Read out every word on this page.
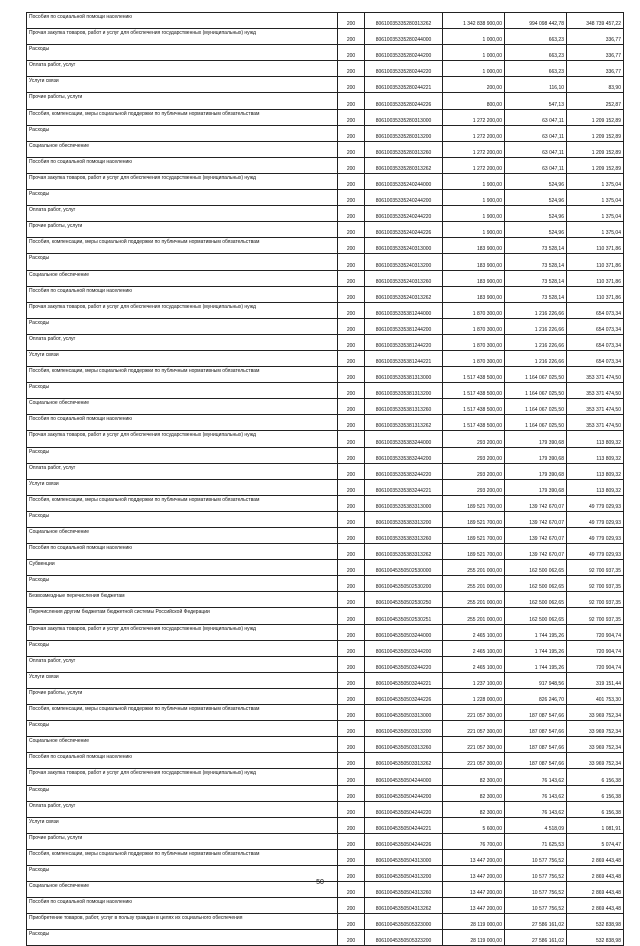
Пособия по социальной помощи населению	200	80610035335280313262	1 342 838 900,00	994 098 442,78	348 739 457,22
Прочая закупка товаров, работ и услуг для обеспечения государственных (муниципальных) нужд	200	80610035335280244000	1 000,00	663,23	336,77
Расходы	200	80610035335280244200	1 000,00	663,23	336,77
Оплата работ, услуг	200	80610035335280244220	1 000,00	663,23	336,77
Услуги связи	200	80610035335280244221	200,00	116,10	83,90
Прочие работы, услуги	200	80610035335280244226	800,00	547,13	252,87
Пособия, компенсации, меры социальной поддержки по публичным нормативным обязательствам	200	80610035335280313000	1 272 200,00	63 047,11	1 209 152,89
Расходы	200	80610035335280313200	1 272 200,00	63 047,11	1 209 152,89
Социальное обеспечение	200	80610035335280313260	1 272 200,00	63 047,11	1 209 152,89
Пособия по социальной помощи населению	200	80610035335280313262	1 272 200,00	63 047,11	1 209 152,89
Прочая закупка товаров, работ и услуг для обеспечения государственных (муниципальных) нужд	200	80610035335240244000	1 900,00	524,96	1 375,04
Расходы	200	80610035335240244200	1 900,00	524,96	1 375,04
Оплата работ, услуг	200	80610035335240244220	1 900,00	524,96	1 375,04
Прочие работы, услуги	200	80610035335240244226	1 900,00	524,96	1 375,04
Пособия, компенсации, меры социальной поддержки по публичным нормативным обязательствам	200	80610035335240313000	183 900,00	73 528,14	110 371,86
Расходы	200	80610035335240313200	183 900,00	73 528,14	110 371,86
Социальное обеспечение	200	80610035335240313260	183 900,00	73 528,14	110 371,86
Пособия по социальной помощи населению	200	80610035335240313262	183 900,00	73 528,14	110 371,86
Прочая закупка товаров, работ и услуг для обеспечения государственных (муниципальных) нужд	200	80610035335381244000	1 870 300,00	1 216 226,66	654 073,34
Расходы	200	80610035335381244200	1 870 300,00	1 216 226,66	654 073,34
Оплата работ, услуг	200	80610035335381244220	1 870 300,00	1 216 226,66	654 073,34
Услуги связи	200	80610035335381244221	1 870 300,00	1 216 226,66	654 073,34
Пособия, компенсации, меры социальной поддержки по публичным нормативным обязательствам	200	80610035335381313000	1 517 438 500,00	1 164 067 025,50	353 371 474,50
Расходы	200	80610035335381313200	1 517 438 500,00	1 164 067 025,50	353 371 474,50
Социальное обеспечение	200	80610035335381313260	1 517 438 500,00	1 164 067 025,50	353 371 474,50
Пособия по социальной помощи населению	200	80610035335381313262	1 517 438 500,00	1 164 067 025,50	353 371 474,50
Прочая закупка товаров, работ и услуг для обеспечения государственных (муниципальных) нужд	200	80610035335383244000	293 200,00	179 390,68	113 809,32
Расходы	200	80610035335383244200	293 200,00	179 390,68	113 809,32
Оплата работ, услуг	200	80610035335383244220	293 200,00	179 390,68	113 809,32
Услуги связи	200	80610035335383244221	293 200,00	179 390,68	113 809,32
Пособия, компенсации, меры социальной поддержки по публичным нормативным обязательствам	200	80610035335383313000	189 521 700,00	139 742 670,07	49 779 029,93
Расходы	200	80610035335383313200	189 521 700,00	139 742 670,07	49 779 029,93
Социальное обеспечение	200	80610035335383313260	189 521 700,00	139 742 670,07	49 779 029,93
Пособия по социальной помощи населению	200	80610035335383313262	189 521 700,00	139 742 670,07	49 779 029,93
Субвенции	200	80610045350502530000	255 201 000,00	162 500 062,65	92 700 937,35
Расходы	200	80610045350502530200	255 201 000,00	162 500 062,65	92 700 937,35
Безвозмездные перечисления бюджетам	200	80610045350502530250	255 201 000,00	162 500 062,65	92 700 937,35
Перечисления другим бюджетам бюджетной системы Российской Федерации	200	80610045350502530251	255 201 000,00	162 500 062,65	92 700 937,35
Прочая закупка товаров, работ и услуг для обеспечения государственных (муниципальных) нужд	200	80610045350503244000	2 465 100,00	1 744 195,26	720 904,74
Расходы	200	80610045350503244200	2 465 100,00	1 744 195,26	720 904,74
Оплата работ, услуг	200	80610045350503244220	2 465 100,00	1 744 195,26	720 904,74
Услуги связи	200	80610045350503244221	1 237 100,00	917 948,56	319 151,44
Прочие работы, услуги	200	80610045350503244226	1 228 000,00	826 246,70	401 753,30
Пособия, компенсации, меры социальной поддержки по публичным нормативным обязательствам	200	80610045350503313000	221 057 300,00	187 087 547,66	33 969 752,34
Расходы	200	80610045350503313200	221 057 300,00	187 087 547,66	33 969 752,34
Социальное обеспечение	200	80610045350503313260	221 057 300,00	187 087 547,66	33 969 752,34
Пособия по социальной помощи населению	200	80610045350503313262	221 057 300,00	187 087 547,66	33 969 752,34
Прочая закупка товаров, работ и услуг для обеспечения государственных (муниципальных) нужд	200	80610045350504244000	82 300,00	76 143,62	6 156,38
Расходы	200	80610045350504244200	82 300,00	76 143,62	6 156,38
Оплата работ, услуг	200	80610045350504244220	82 300,00	76 143,62	6 156,38
Услуги связи	200	80610045350504244221	5 600,00	4 518,09	1 081,91
Прочие работы, услуги	200	80610045350504244226	76 700,00	71 625,53	5 074,47
Пособия, компенсации, меры социальной поддержки по публичным нормативным обязательствам	200	80610045350504313000	13 447 200,00	10 577 756,52	2 869 443,48
Расходы	200	80610045350504313200	13 447 200,00	10 577 756,52	2 869 443,48
Социальное обеспечение	200	80610045350504313260	13 447 200,00	10 577 756,52	2 869 443,48
Пособия по социальной помощи населению	200	80610045350504313262	13 447 200,00	10 577 756,52	2 869 443,48
Приобретение товаров, работ, услуг в пользу граждан в целях их социального обеспечения	200	80610045350505323000	28 119 000,00	27 586 161,02	532 838,98
Расходы	200	80610045350505323200	28 119 000,00	27 586 161,02	532 838,98
50
